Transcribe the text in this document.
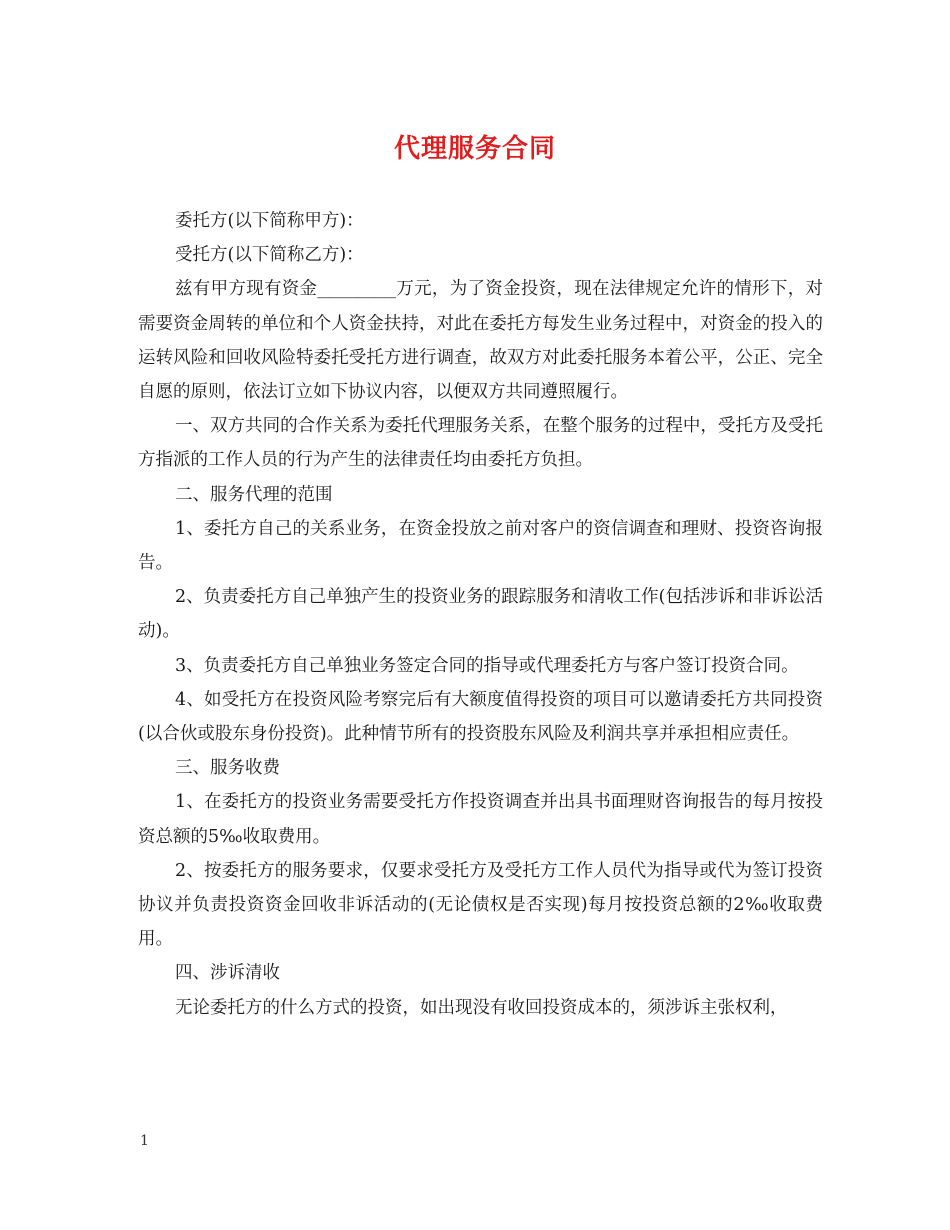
代理服务合同

委托方(以下简称甲方)：

受托方(以下简称乙方)：

兹有甲方现有资金_________万元，为了资金投资，现在法律规定允许的情形下，对需要资金周转的单位和个人资金扶持，对此在委托方每发生业务过程中，对资金的投入的运转风险和回收风险特委托受托方进行调查，故双方对此委托服务本着公平，公正、完全自愿的原则，依法订立如下协议内容，以便双方共同遵照履行。

一、双方共同的合作关系为委托代理服务关系，在整个服务的过程中，受托方及受托方指派的工作人员的行为产生的法律责任均由委托方负担。

二、服务代理的范围

1、委托方自己的关系业务，在资金投放之前对客户的资信调查和理财、投资咨询报告。

2、负责委托方自己单独产生的投资业务的跟踪服务和清收工作(包括涉诉和非诉讼活动)。

3、负责委托方自己单独业务签定合同的指导或代理委托方与客户签订投资合同。

4、如受托方在投资风险考察完后有大额度值得投资的项目可以邀请委托方共同投资(以合伙或股东身份投资)。此种情节所有的投资股东风险及利润共享并承担相应责任。

三、服务收费

1、在委托方的投资业务需要受托方作投资调查并出具书面理财咨询报告的每月按投资总额的5‰收取费用。

2、按委托方的服务要求，仅要求受托方及受托方工作人员代为指导或代为签订投资协议并负责投资资金回收非诉活动的(无论债权是否实现)每月按投资总额的2‰收取费用。

四、涉诉清收

无论委托方的什么方式的投资，如出现没有收回投资成本的，须涉诉主张权利，

1
